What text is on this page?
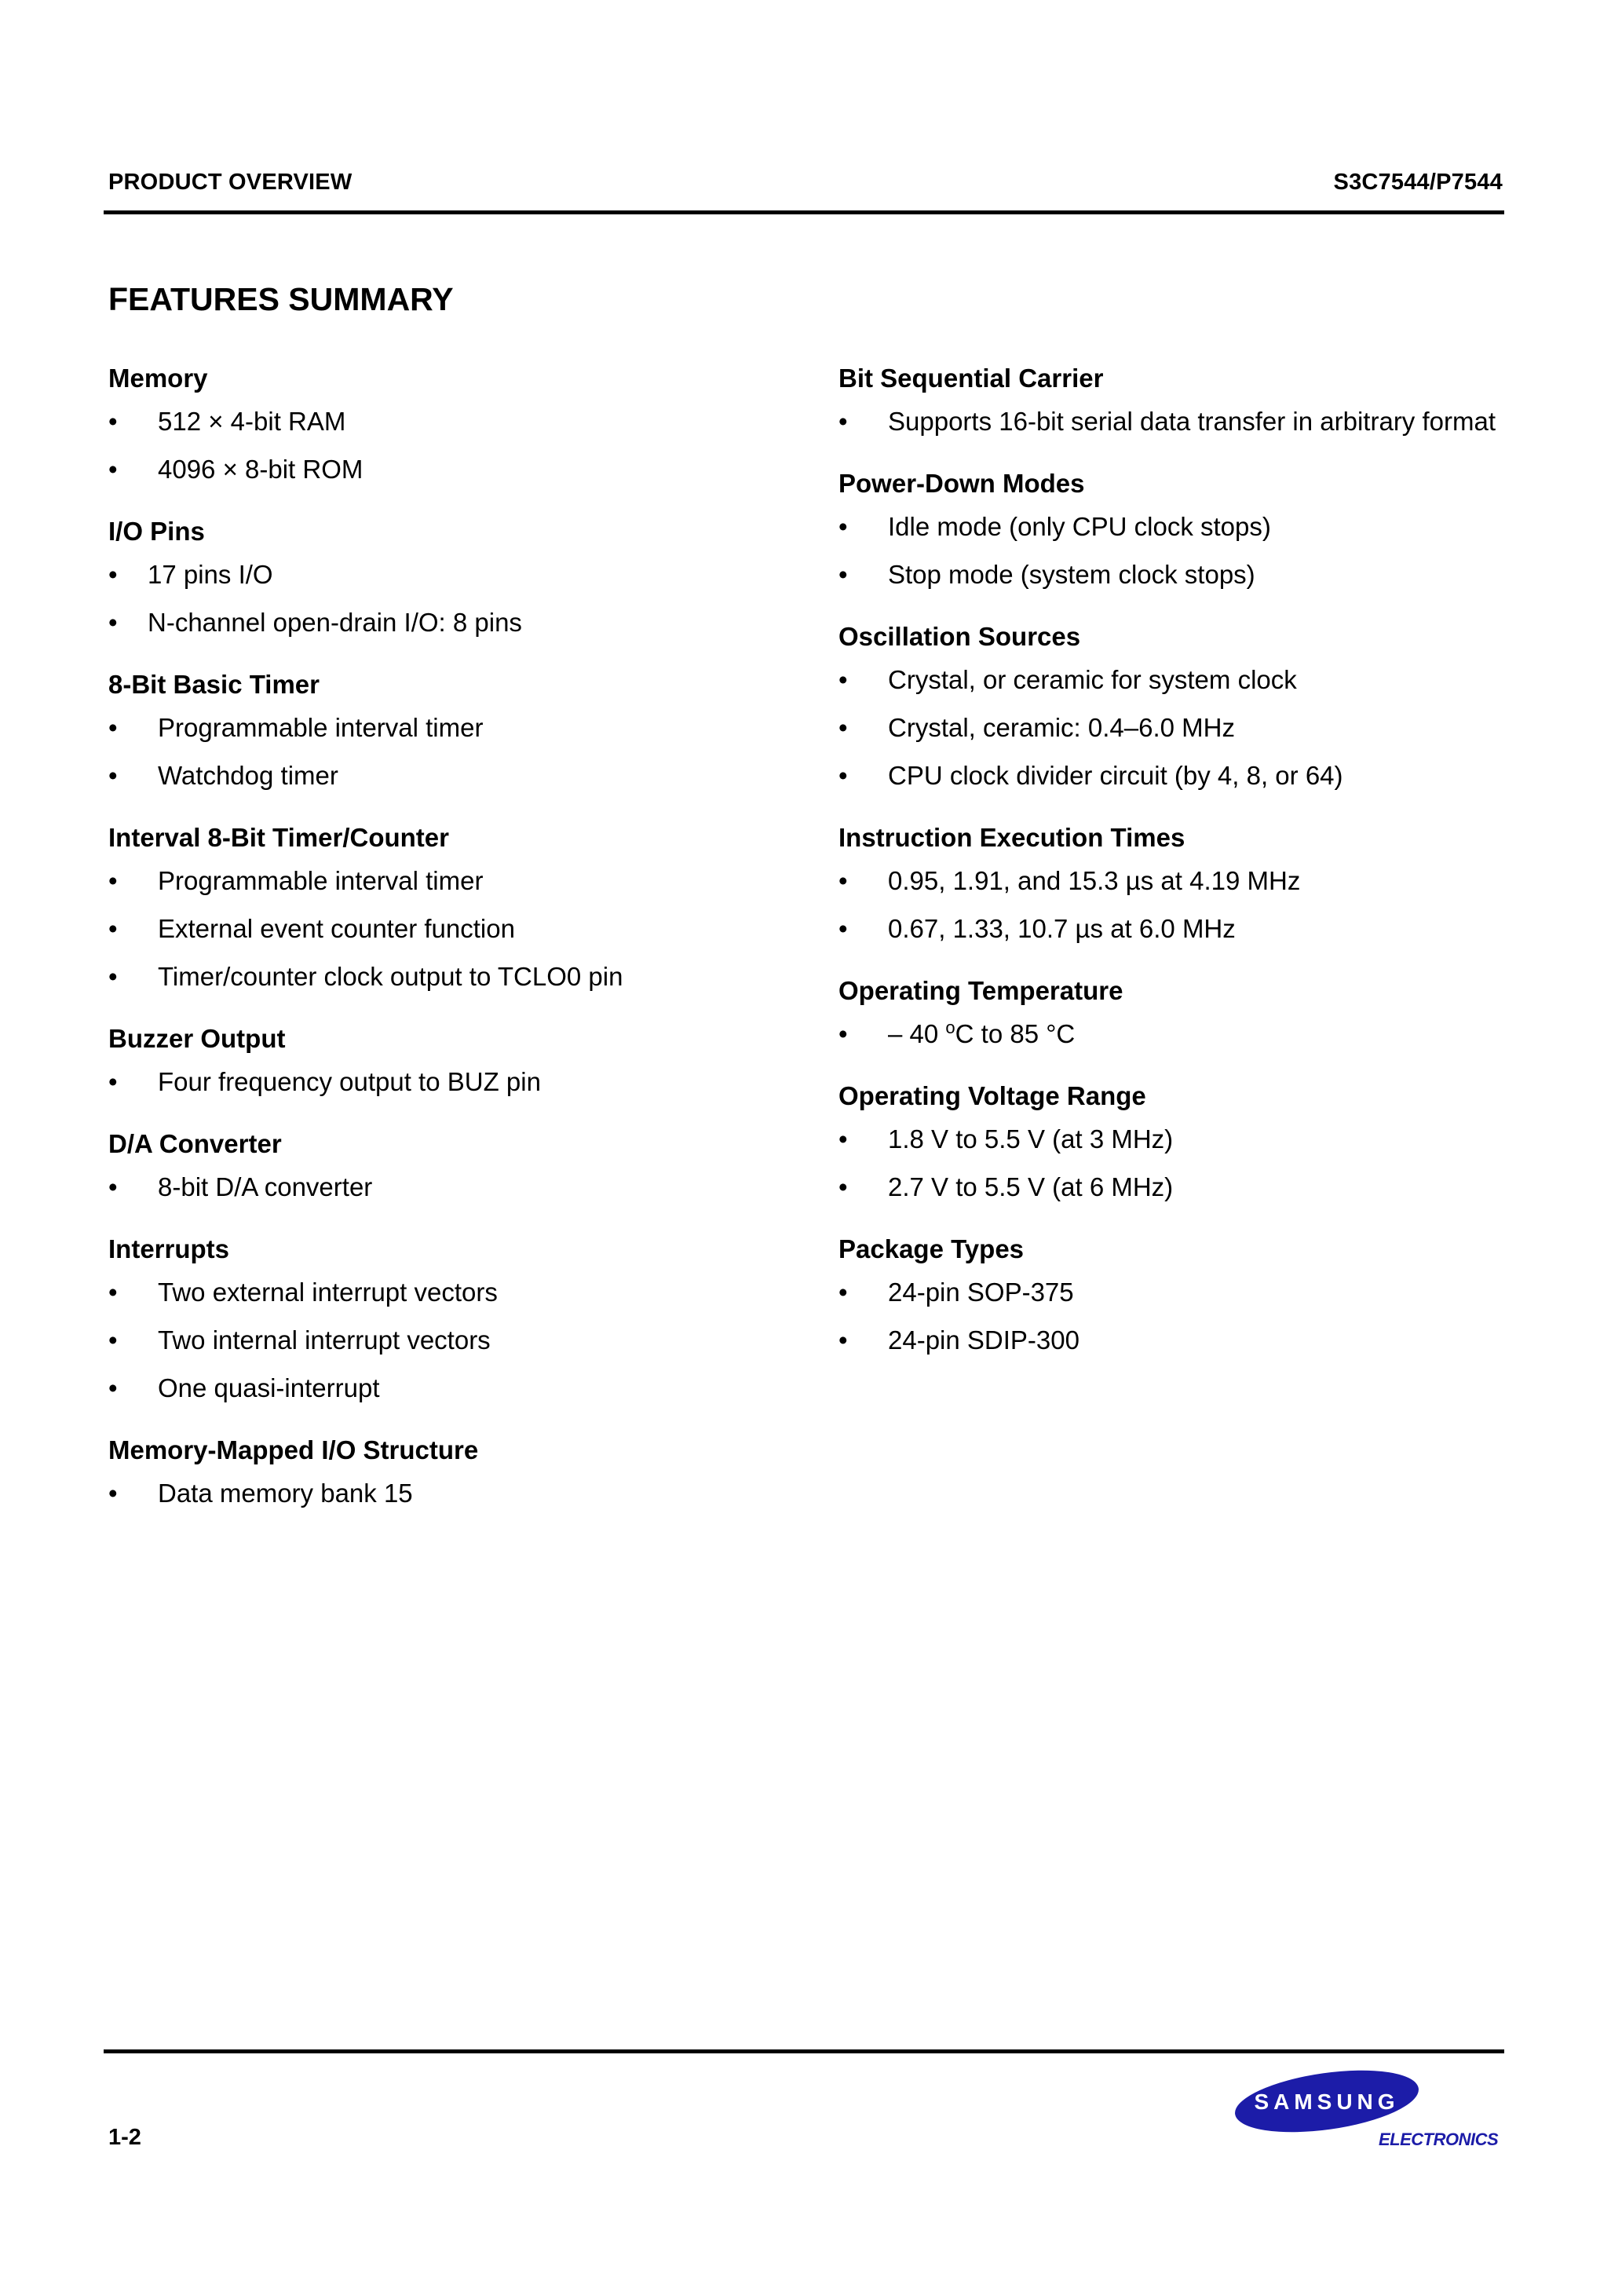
PRODUCT OVERVIEW	S3C7544/P7544
FEATURES SUMMARY
Memory
•	512 × 4-bit RAM
•	4096 × 8-bit ROM
I/O Pins
•	17 pins I/O
•	N-channel open-drain I/O: 8 pins
8-Bit Basic Timer
•	Programmable interval timer
•	Watchdog timer
Interval 8-Bit Timer/Counter
•	Programmable interval timer
•	External event counter function
•	Timer/counter clock output to TCLO0 pin
Buzzer Output
•	Four frequency output to BUZ pin
D/A Converter
•	8-bit D/A converter
Interrupts
•	Two external interrupt vectors
•	Two internal interrupt vectors
•	One quasi-interrupt
Memory-Mapped I/O Structure
•	Data memory bank 15
Bit Sequential Carrier
•	Supports 16-bit serial data transfer in arbitrary format
Power-Down Modes
•	Idle mode (only CPU clock stops)
•	Stop mode (system clock stops)
Oscillation Sources
•	Crystal, or ceramic for system clock
•	Crystal, ceramic: 0.4–6.0 MHz
•	CPU clock divider circuit (by 4, 8, or 64)
Instruction Execution Times
•	0.95, 1.91, and 15.3 µs at 4.19 MHz
•	0.67, 1.33, 10.7 µs at 6.0 MHz
Operating Temperature
•	– 40 $^o$C to 85 °C
Operating Voltage Range
•	1.8 V to 5.5 V (at 3 MHz)
•	2.7 V to 5.5 V (at 6 MHz)
Package Types
•	24-pin SOP-375
•	24-pin SDIP-300
1-2
SAMSUNG
ELECTRONICS
